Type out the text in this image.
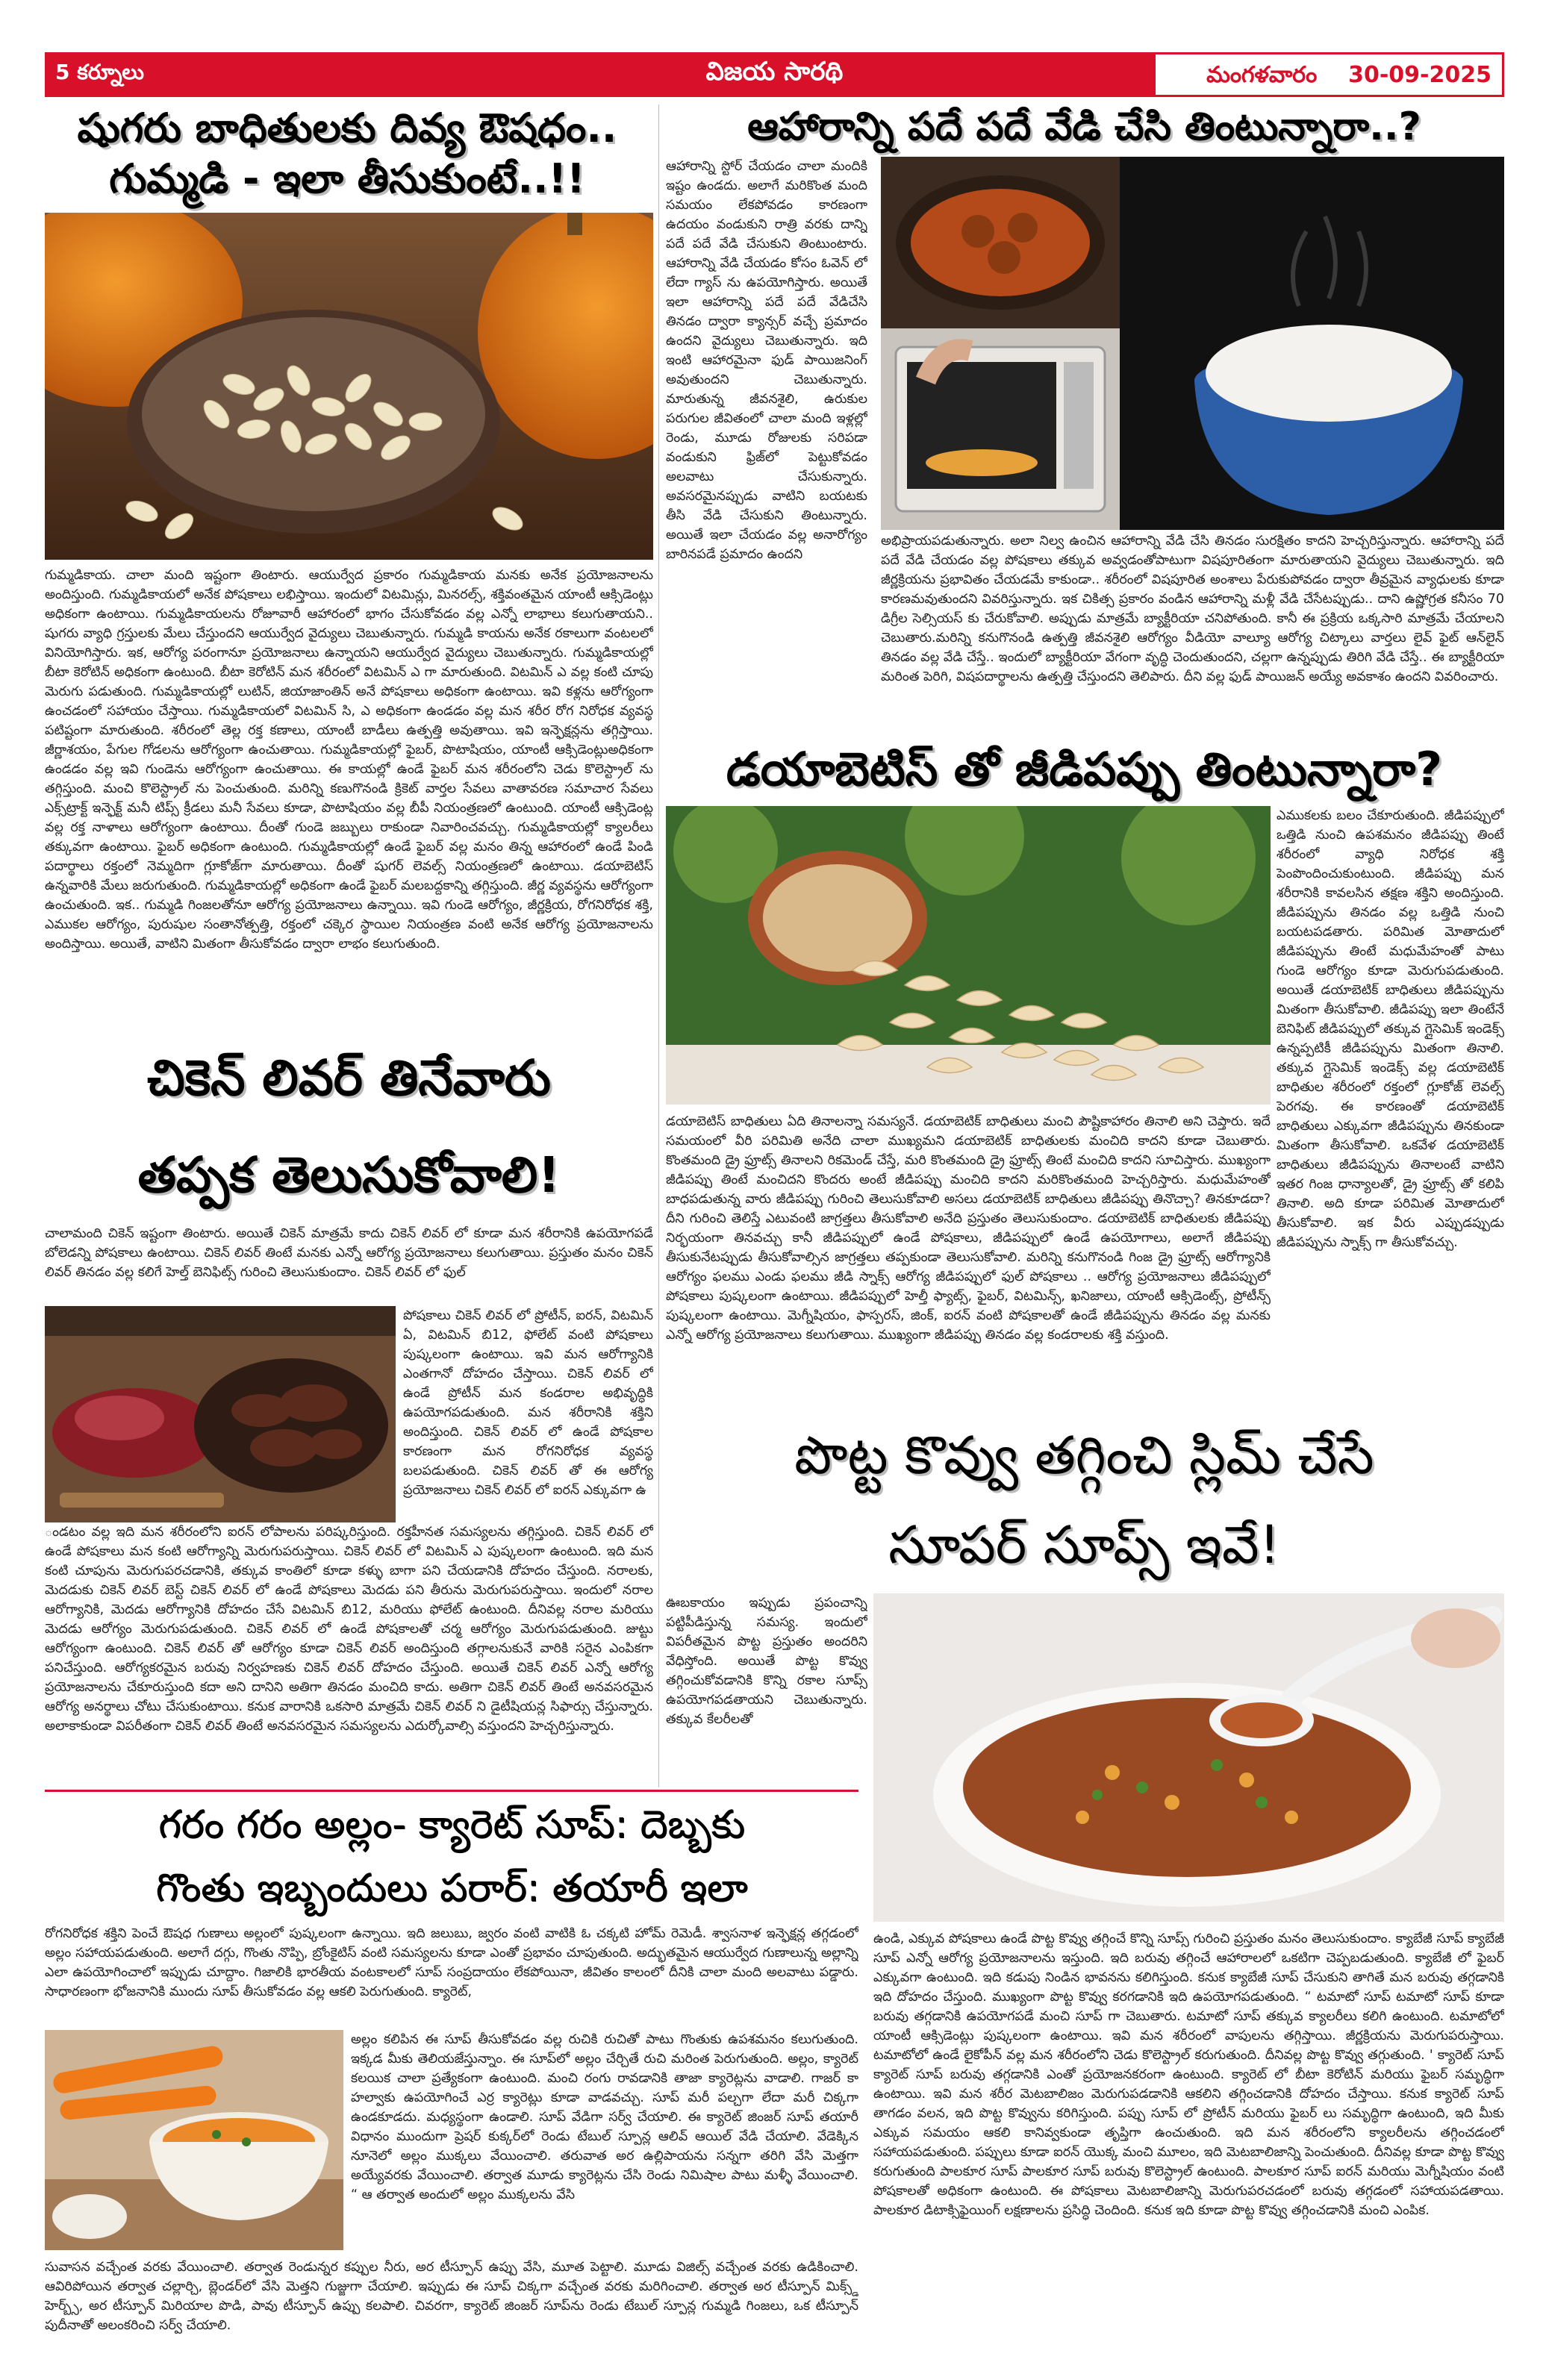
5 కర్నూలు	విజయ సారథి	మంగళవారం 30-09-2025
షుగరు బాధితులకు దివ్య ఔషధం..
గుమ్మడి - ఇలా తీసుకుంటే..!!
గుమ్మడికాయ. చాలా మంది ఇష్టంగా తింటారు. ఆయుర్వేద ప్రకారం గుమ్మడికాయ మనకు అనేక ప్రయోజనాలను అందిస్తుంది. గుమ్మడికాయలో అనేక పోషకాలు లభిస్తాయి. ఇందులో విటమిన్లు, మినరల్స్, శక్తివంతమైన యాంటీ ఆక్సిడెంట్లు అధికంగా ఉంటాయి. గుమ్మడికాయలను రోజూవారీ ఆహారంలో భాగం చేసుకోవడం వల్ల ఎన్నో లాభాలు కలుగుతాయని.. షుగరు వ్యాధి గ్రస్తులకు మేలు చేస్తుందని ఆయుర్వేద వైద్యులు చెబుతున్నారు. గుమ్మడి కాయను అనేక రకాలుగా వంటలలో వినియోగిస్తారు. ఇక, ఆరోగ్య పరంగానూ ప్రయోజనాలు ఉన్నాయని ఆయుర్వేద వైద్యులు చెబుతున్నారు. గుమ్మడికాయల్లో బీటా కెరోటిన్ అధికంగా ఉంటుంది. బీటా కెరోటిన్ మన శరీరంలో విటమిన్ ఎ గా మారుతుంది. విటమిన్ ఎ వల్ల కంటి చూపు మెరుగు పడుతుంది. గుమ్మడికాయల్లో లుటిన్, జియాజాంతిన్ అనే పోషకాలు అధికంగా ఉంటాయి. ఇవి కళ్లను ఆరోగ్యంగా ఉంచడంలో సహాయం చేస్తాయి. గుమ్మడికాయలో విటమిన్ సి, ఎ అధికంగా ఉండడం వల్ల మన శరీర రోగ నిరోధక వ్యవస్థ పటిష్టంగా మారుతుంది. శరీరంలో తెల్ల రక్త కణాలు, యాంటీ బాడీలు ఉత్పత్తి అవుతాయి. ఇవి ఇన్ఫెక్షన్లను తగ్గిస్తాయి. జీర్ణాశయం, పేగుల గోడలను ఆరోగ్యంగా ఉంచుతాయి. గుమ్మడికాయల్లో ఫైబర్, పొటాషియం, యాంటీ ఆక్సిడెంట్లుఅధికంగా ఉండడం వల్ల ఇవి గుండెను ఆరోగ్యంగా ఉంచుతాయి. ఈ కాయల్లో ఉండే ఫైబర్ మన శరీరంలోని చెడు కొలెస్ట్రాల్ ను తగ్గిస్తుంది. మంచి కొలెస్ట్రాల్ ను పెంచుతుంది. మరిన్ని కణుగొనండి క్రికెట్ వార్తల సేవలు వాతావరణ సమాచార సేవలు ఎక్స్‌ట్రాక్ట్ ఇన్ఫెక్ట్ మనీ టిప్స్ క్రీడలు మనీ సేవలు కూడా, పొటాషియం వల్ల బీపీ నియంత్రణలో ఉంటుంది. యాంటీ ఆక్సిడెంట్ల వల్ల రక్త నాళాలు ఆరోగ్యంగా ఉంటాయి. దీంతో గుండె జబ్బులు రాకుండా నివారించవచ్చు. గుమ్మడికాయల్లో క్యాలరీలు తక్కువగా ఉంటాయి. ఫైబర్ అధికంగా ఉంటుంది. గుమ్మడికాయల్లో ఉండే ఫైబర్ వల్ల మనం తిన్న ఆహారంలో ఉండే పిండి పదార్థాలు రక్తంలో నెమ్మదిగా గ్లూకోజ్‌గా మారుతాయి. దీంతో షుగర్ లెవల్స్ నియంత్రణలో ఉంటాయి. డయాబెటిస్ ఉన్నవారికి మేలు జరుగుతుంది. గుమ్మడికాయల్లో అధికంగా ఉండే ఫైబర్ మలబద్దకాన్ని తగ్గిస్తుంది. జీర్ణ వ్యవస్థను ఆరోగ్యంగా ఉంచుతుంది. ఇక.. గుమ్మడి గింజలతోనూ ఆరోగ్య ప్రయోజనాలు ఉన్నాయి. ఇవి గుండె ఆరోగ్యం, జీర్ణక్రియ, రోగనిరోధక శక్తి, ఎముకల ఆరోగ్యం, పురుషుల సంతానోత్పత్తి, రక్తంలో చక్కెర స్థాయిల నియంత్రణ వంటి అనేక ఆరోగ్య ప్రయోజనాలను అందిస్తాయి. అయితే, వాటిని మితంగా తీసుకోవడం ద్వారా లాభం కలుగుతుంది.
చికెన్ లివర్ తినేవారు
తప్పక తెలుసుకోవాలి!
చాలామంది చికెన్ ఇష్టంగా తింటారు. అయితే చికెన్ మాత్రమే కాదు చికెన్ లివర్ లో కూడా మన శరీరానికి ఉపయోగపడే బోలెడన్ని పోషకాలు ఉంటాయి. చికెన్ లివర్ తింటే మనకు ఎన్నో ఆరోగ్య ప్రయోజనాలు కలుగుతాయి. ప్రస్తుతం మనం చికెన్ లివర్ తినడం వల్ల కలిగే హెల్త్ బెనిఫిట్స్ గురించి తెలుసుకుందాం. చికెన్ లివర్ లో ఫుల్
పోషకాలు చికెన్ లివర్ లో ప్రోటీన్, ఐరన్, విటమిన్ ఏ, విటమిన్ బి12, ఫోలేట్ వంటి పోషకాలు పుష్కలంగా ఉంటాయి. ఇవి మన ఆరోగ్యానికి ఎంతగానో దోహదం చేస్తాయి. చికెన్ లివర్ లో ఉండే ప్రోటీన్ మన కండరాల అభివృద్ధికి ఉపయోగపడుతుంది. మన శరీరానికి శక్తిని అందిస్తుంది. చికెన్ లివర్ లో ఉండే పోషకాల కారణంగా మన రోగనిరోధక వ్యవస్థ బలపడుతుంది. చికెన్ లివర్ తో ఈ ఆరోగ్య ప్రయోజనాలు చికెన్ లివర్ లో ఐరన్ ఎక్కువగా ఉ
ండటం వల్ల ఇది మన శరీరంలోని ఐరన్ లోపాలను పరిష్కరిస్తుంది. రక్తహీనత సమస్యలను తగ్గిస్తుంది. చికెన్ లివర్ లో ఉండే పోషకాలు మన కంటి ఆరోగ్యాన్ని మెరుగుపరుస్తాయి. చికెన్ లివర్ లో విటమిన్ ఎ పుష్కలంగా ఉంటుంది. ఇది మన కంటి చూపును మెరుగుపరచడానికి, తక్కువ కాంతిలో కూడా కళ్ళు బాగా పని చేయడానికి దోహదం చేస్తుంది. నరాలకు, మెదడుకు చికెన్ లివర్ బెస్ట్ చికెన్ లివర్ లో ఉండే పోషకాలు మెదడు పని తీరును మెరుగుపరుస్తాయి. ఇందులో నరాల ఆరోగ్యానికి, మెదడు ఆరోగ్యానికి దోహదం చేసే విటమిన్ బి12, మరియు ఫోలేట్ ఉంటుంది. దీనివల్ల నరాల మరియు మెదడు ఆరోగ్యం మెరుగుపడుతుంది. చికెన్ లివర్ లో ఉండే పోషకాలతో చర్మ ఆరోగ్యం మెరుగుపడుతుంది. జుట్టు ఆరోగ్యంగా ఉంటుంది. చికెన్ లివర్ తో ఆరోగ్యం కూడా చికెన్ లివర్ అందిస్తుంది తగ్గాలనుకునే వారికి సరైన ఎంపికగా పనిచేస్తుంది. ఆరోగ్యకరమైన బరువు నిర్వహణకు చికెన్ లివర్ దోహదం చేస్తుంది. అయితే చికెన్ లివర్ ఎన్నో ఆరోగ్య ప్రయోజనాలను చేకూరుస్తుంది కదా అని దానిని అతిగా తినడం మంచిది కాదు. అతిగా చికెన్ లివర్ తింటే అనవసరమైన ఆరోగ్య అనర్థాలు చోటు చేసుకుంటాయి. కనుక వారానికి ఒకసారి మాత్రమే చికెన్ లివర్ ని డైటీషియన్ల సిఫార్సు చేస్తున్నారు. అలాకాకుండా విపరీతంగా చికెన్ లివర్ తింటే అనవసరమైన సమస్యలను ఎదుర్కోవాల్సి వస్తుందని హెచ్చరిస్తున్నారు.
గరం గరం అల్లం- క్యారెట్ సూప్: దెబ్బకు
గొంతు ఇబ్బందులు పరార్: తయారీ ఇలా
రోగనిరోధక శక్తిని పెంచే ఔషధ గుణాలు అల్లంలో పుష్కలంగా ఉన్నాయి. ఇది జలుబు, జ్వరం వంటి వాటికి ఓ చక్కటి హోమ్ రెమెడీ. శ్వాసనాళ ఇన్ఫెక్షన్ల తగ్గడంలో అల్లం సహాయపడుతుంది. అలాగే దగ్గు, గొంతు నొప్పి, బ్రోంకైటిస్ వంటి సమస్యలను కూడా ఎంతో ప్రభావం చూపుతుంది. అద్భుతమైన ఆయుర్వేద గుణాలున్న అల్లాన్ని ఎలా ఉపయోగించాలో ఇప్పుడు చూద్దాం. గిజాలికి భారతీయ వంటకాలలో సూప్ సంప్రదాయం లేకపోయినా, జీవితం కాలంలో దీనికి చాలా మంది అలవాటు పడ్డారు. సాధారణంగా భోజనానికి ముందు సూప్ తీసుకోవడం వల్ల ఆకలి పెరుగుతుంది. క్యారెట్,
అల్లం కలిపిన ఈ సూప్ తీసుకోవడం వల్ల రుచికి రుచితో పాటు గొంతుకు ఉపశమనం కలుగుతుంది. ఇక్కడ మీకు తెలియజేస్తున్నాం. ఈ సూప్‌లో అల్లం చేర్చితే రుచి మరింత పెరుగుతుంది. అల్లం, క్యారెట్ కలయిక చాలా ప్రత్యేకంగా ఉంటుంది. మంచి రంగు రావడానికి తాజా క్యారెట్లను వాడాలి. గాజర్ కా హల్వాకు ఉపయోగించే ఎర్ర క్యారెట్లు కూడా వాడవచ్చు. సూప్ మరీ పల్చగా లేదా మరీ చిక్కగా ఉండకూడదు. మధ్యస్థంగా ఉండాలి. సూప్ వేడిగా సర్వ్ చేయాలి. ఈ క్యారెట్ జింజర్ సూప్ తయారీ విధానం ముందుగా ప్రెషర్ కుక్కర్‌లో రెండు టేబుల్ స్పూన్ల ఆలివ్ ఆయిల్ వేడి చేయాలి. వేడెక్కిన నూనెలో అల్లం ముక్కలు వేయించాలి. తరువాత అర ఉల్లిపాయను సన్నగా తరిగి వేసి మెత్తగా అయ్యేవరకు వేయించాలి. తర్వాత మూడు క్యారెట్లను చేసి రెండు నిమిషాల పాటు మళ్ళీ వేయించాలి. “ ఆ తర్వాత అందులో అల్లం ముక్కలను వేసి
సువాసన వచ్చేంత వరకు వేయించాలి. తర్వాత రెండున్నర కప్పుల నీరు, అర టీస్పూన్ ఉప్పు వేసి, మూత పెట్టాలి. మూడు విజిల్స్ వచ్చేంత వరకు ఉడికించాలి. ఆవిరిపోయిన తర్వాత చల్లార్చి, బ్లెండర్‌లో వేసి మెత్తని గుజ్జుగా చేయాలి. ఇప్పుడు ఈ సూప్ చిక్కగా వచ్చేంత వరకు మరిగించాలి. తర్వాత అర టీస్పూన్ మిక్స్డ్ హెర్బ్స్, అర టీస్పూన్ మిరియాల పొడి, పావు టీస్పూన్ ఉప్పు కలపాలి. చివరగా, క్యారెట్ జింజర్ సూప్‌ను రెండు టేబుల్ స్పూన్ల గుమ్మడి గింజలు, ఒక టీస్పూన్ పుదీనాతో అలంకరించి సర్వ్ చేయాలి.
ఆహారాన్ని పదే పదే వేడి చేసి తింటున్నారా..?
ఆహారాన్ని స్టోర్ చేయడం చాలా మందికి ఇష్టం ఉండదు. అలాగే మరికొంత మంది సమయం లేకపోవడం కారణంగా ఉదయం వండుకుని రాత్రి వరకు దాన్ని పదే పదే వేడి చేసుకుని తింటుంటారు. ఆహారాన్ని వేడి చేయడం కోసం ఓవెన్ లో లేదా గ్యాస్ ను ఉపయోగిస్తారు. అయితే ఇలా ఆహారాన్ని పదే పదే వేడిచేసి తినడం ద్వారా క్యాన్సర్ వచ్చే ప్రమాదం ఉందని వైద్యులు చెబుతున్నారు. ఇది ఇంటి ఆహారమైనా ఫుడ్ పాయిజనింగ్ అవుతుందని చెబుతున్నారు. మారుతున్న జీవనశైలి, ఉరుకుల పరుగుల జీవితంలో చాలా మంది ఇళ్లల్లో రెండు, మూడు రోజులకు సరిపడా వండుకుని ఫ్రిజ్‌లో పెట్టుకోవడం అలవాటు చేసుకున్నారు. అవసరమైనప్పుడు వాటిని బయటకు తీసి వేడి చేసుకుని తింటున్నారు. అయితే ఇలా చేయడం వల్ల అనారోగ్యం బారినపడే ప్రమాదం ఉందని
అభిప్రాయపడుతున్నారు. అలా నిల్వ ఉంచిన ఆహారాన్ని వేడి చేసి తినడం సురక్షితం కాదని హెచ్చరిస్తున్నారు. ఆహారాన్ని పదే పదే వేడి చేయడం వల్ల పోషకాలు తక్కువ అవ్వడంతోపాటుగా విషపూరితంగా మారుతాయని వైద్యులు చెబుతున్నారు. ఇది జీర్ణక్రియను ప్రభావితం చేయడమే కాకుండా.. శరీరంలో విషపూరిత అంశాలు పేరుకుపోవడం ద్వారా తీవ్రమైన వ్యాధులకు కూడా కారణమవుతుందని వివరిస్తున్నారు. ఇక చికిత్స ప్రకారం వండిన ఆహారాన్ని మళ్లీ వేడి చేసేటప్పుడు.. దాని ఉష్ణోగ్రత కనీసం 70 డిగ్రీల సెల్సియస్ కు చేరుకోవాలి. అప్పుడు మాత్రమే బ్యాక్టీరియా చనిపోతుంది. కానీ ఈ ప్రక్రియ ఒక్కసారి మాత్రమే చేయాలని చెబుతారు.మరిన్ని కనుగొనండి ఉత్పత్తి జీవనశైలి ఆరోగ్యం వీడియో వాల్యూ ఆరోగ్య చిట్కాలు వార్తలు లైవ్ ఫైట్ ఆన్‌లైన్ తినడం వల్ల వేడి చేస్తే.. ఇందులో బ్యాక్టీరియా వేగంగా వృద్ధి చెందుతుందని, చల్లగా ఉన్నప్పుడు తిరిగి వేడి చేస్తే.. ఈ బ్యాక్టీరియా మరింత పెరిగి, విషపదార్థాలను ఉత్పత్తి చేస్తుందని తెలిపారు. దీని వల్ల ఫుడ్ పాయిజన్ అయ్యే అవకాశం ఉందని వివరించారు.
డయాబెటిస్ తో జీడిపప్పు తింటున్నారా?
ఎముకలకు బలం చేకూరుతుంది. జీడిపప్పులో ఒత్తిడి నుంచి ఉపశమనం జీడిపప్పు తింటే శరీరంలో వ్యాధి నిరోధక శక్తి పెంపొందించుకుంటుంది. జీడిపప్పు మన శరీరానికి కావలసిన తక్షణ శక్తిని అందిస్తుంది. జీడిపప్పును తినడం వల్ల ఒత్తిడి నుంచి బయటపడతారు. పరిమిత మోతాదులో జీడిపప్పును తింటే మధుమేహంతో పాటు గుండె ఆరోగ్యం కూడా మెరుగుపడుతుంది. అయితే డయాబెటిక్ బాధితులు జీడిపప్పును మితంగా తీసుకోవాలి. జీడిపప్పు ఇలా తింటేనే బెనిఫిట్ జీడిపప్పులో తక్కువ గ్లైసెమిక్ ఇండెక్స్ ఉన్నప్పటికీ జీడిపప్పును మితంగా తినాలి. తక్కువ గ్లైసెమిక్ ఇండెక్స్ వల్ల డయాబెటిక్ బాధితుల శరీరంలో రక్తంలో గ్లూకోజ్ లెవల్స్ పెరగవు. ఈ కారణంతో డయాబెటిక్ బాధితులు ఎక్కువగా జీడిపప్పును తినకుండా మితంగా తీసుకోవాలి. ఒకవేళ డయాబెటిక్ బాధితులు జీడిపప్పును తినాలంటే వాటిని ఇతర గింజ ధాన్యాలతో, డ్రై ఫ్రూట్స్ తో కలిపి తినాలి. అది కూడా పరిమిత మోతాదులో తీసుకోవాలి. ఇక వీరు ఎప్పుడప్పుడు జీడిపప్పును స్నాక్స్ గా తీసుకోవచ్చు.
డయాబెటిస్ బాధితులు ఏది తినాలన్నా సమస్యనే. డయాబెటిక్ బాధితులు మంచి పౌష్టికాహారం తినాలి అని చెప్తారు. ఇదే సమయంలో వీరి పరిమితి అనేది చాలా ముఖ్యమని డయాబెటిక్ బాధితులకు మంచిది కాదని కూడా చెబుతారు. కొంతమంది డ్రై ఫ్రూట్స్ తినాలని రికమెండ్ చేస్తే, మరి కొంతమంది డ్రై ఫ్రూట్స్ తింటే మంచిది కాదని సూచిస్తారు. ముఖ్యంగా జీడిపప్పు తింటే మంచిదని కొందరు అంటే జీడిపప్పు మంచిది కాదని మరికొంతమంది హెచ్చరిస్తారు. మధుమేహంతో బాధపడుతున్న వారు జీడిపప్పు గురించి తెలుసుకోవాలి అసలు డయాబెటిక్ బాధితులు జీడిపప్పు తినొచ్చా? తినకూడదా? దీని గురించి తెలిస్తే ఎటువంటి జాగ్రత్తలు తీసుకోవాలి అనేది ప్రస్తుతం తెలుసుకుందాం. డయాబెటిక్ బాధితులకు జీడిపప్పు నిర్భయంగా తినవచ్చు కానీ జీడిపప్పులో ఉండే పోషకాలు, జీడిపప్పులో ఉండే ఉపయోగాలు, అలాగే జీడిపప్పు తీసుకునేటప్పుడు తీసుకోవాల్సిన జాగ్రత్తలు తప్పకుండా తెలుసుకోవాలి. మరిన్ని కనుగొనండి గింజ డ్రై ఫ్రూట్స్ ఆరోగ్యానికి ఆరోగ్యం ఫలము ఎండు ఫలము జీడి స్నాక్స్ ఆరోగ్య జీడిపప్పులో ఫుల్ పోషకాలు .. ఆరోగ్య ప్రయోజనాలు జీడిపప్పులో పోషకాలు పుష్కలంగా ఉంటాయి. జీడిపప్పులో హెల్తీ ఫ్యాట్స్, ఫైబర్, విటమిన్స్, ఖనిజాలు, యాంటీ ఆక్సిడెంట్స్, ప్రోటీన్స్ పుష్కలంగా ఉంటాయి. మెగ్నీషియం, ఫాస్పరస్, జింక్, ఐరన్ వంటి పోషకాలతో ఉండే జీడిపప్పును తినడం వల్ల మనకు ఎన్నో ఆరోగ్య ప్రయోజనాలు కలుగుతాయి. ముఖ్యంగా జీడిపప్పు తినడం వల్ల కండరాలకు శక్తి వస్తుంది.
పొట్ట కొవ్వు తగ్గించి స్లిమ్ చేసే
సూపర్ సూప్స్ ఇవే!
ఊబకాయం ఇప్పుడు ప్రపంచాన్ని పట్టిపీడిస్తున్న సమస్య. ఇందులో విపరీతమైన పొట్ట ప్రస్తుతం అందరిని వేధిస్తోంది. అయితే పొట్ట కొవ్వు తగ్గించుకోవడానికి కొన్ని రకాల సూప్స్ ఉపయోగపడతాయని చెబుతున్నారు. తక్కువ కేలరీలతో
ఉండి, ఎక్కువ పోషకాలు ఉండే పొట్ట కొవ్వు తగ్గించే కొన్ని సూప్స్ గురించి ప్రస్తుతం మనం తెలుసుకుందాం. క్యాబేజీ సూప్ క్యాబేజీ సూప్ ఎన్నో ఆరోగ్య ప్రయోజనాలను ఇస్తుంది. ఇది బరువు తగ్గించే ఆహారాలలో ఒకటిగా చెప్పబడుతుంది. క్యాబేజీ లో ఫైబర్ ఎక్కువగా ఉంటుంది. ఇది కడుపు నిండిన భావనను కలిగిస్తుంది. కనుక క్యాబేజీ సూప్ చేసుకుని తాగితే మన బరువు తగ్గడానికి ఇది దోహదం చేస్తుంది. ముఖ్యంగా పొట్ట కొవ్వు కరగడానికి ఇది ఉపయోగపడుతుంది. “ టమాటో సూప్ టమాటో సూప్ కూడా బరువు తగ్గడానికి ఉపయోగపడే మంచి సూప్ గా చెబుతారు. టమాటో సూప్ తక్కువ క్యాలరీలు కలిగి ఉంటుంది. టమాటోలో యాంటీ ఆక్సిడెంట్లు పుష్కలంగా ఉంటాయి. ఇవి మన శరీరంలో వాపులను తగ్గిస్తాయి. జీర్ణక్రియను మెరుగుపరుస్తాయి. టమాటోలో ఉండే లైకోపీన్ వల్ల మన శరీరంలోని చెడు కొలెస్ట్రాల్ కరుగుతుంది. దీనివల్ల పొట్ట కొవ్వు తగ్గుతుంది. ' క్యారెట్ సూప్ క్యారెట్ సూప్ బరువు తగ్గడానికి ఎంతో ప్రయోజనకరంగా ఉంటుంది. క్యారెట్ లో బీటా కెరోటిన్ మరియు ఫైబర్ సమృద్ధిగా ఉంటాయి. ఇవి మన శరీర మెటబాలిజం మెరుగుపడడానికి ఆకలిని తగ్గించడానికి దోహదం చేస్తాయి. కనుక క్యారెట్ సూప్ తాగడం వలన, ఇది పొట్ట కొవ్వును కరిగిస్తుంది. పప్పు సూప్ లో ప్రోటీన్ మరియు ఫైబర్ లు సమృద్ధిగా ఉంటుంది, ఇది మీకు ఎక్కువ సమయం ఆకలి కానివ్వకుండా తృప్తిగా ఉంచుతుంది. ఇది మన శరీరంలోని క్యాలరీలను తగ్గించడంలో సహాయపడుతుంది. పప్పులు కూడా ఐరన్ యొక్క మంచి మూలం, ఇది మెటబాలిజాన్ని పెంచుతుంది. దీనివల్ల కూడా పొట్ట కొవ్వు కరుగుతుంది పాలకూర సూప్ పాలకూర సూప్ బరువు కొలెస్ట్రాల్ ఉంటుంది. పాలకూర సూప్ ఐరన్ మరియు మెగ్నీషియం వంటి పోషకాలతో అధికంగా ఉంటుంది. ఈ పోషకాలు మెటబాలిజాన్ని మెరుగుపరచడంలో బరువు తగ్గడంలో సహాయపడతాయి. పాలకూర డిటాక్సిఫైయింగ్ లక్షణాలను ప్రసిద్ధి చెందింది. కనుక ఇది కూడా పొట్ట కొవ్వు తగ్గించడానికి మంచి ఎంపిక.
